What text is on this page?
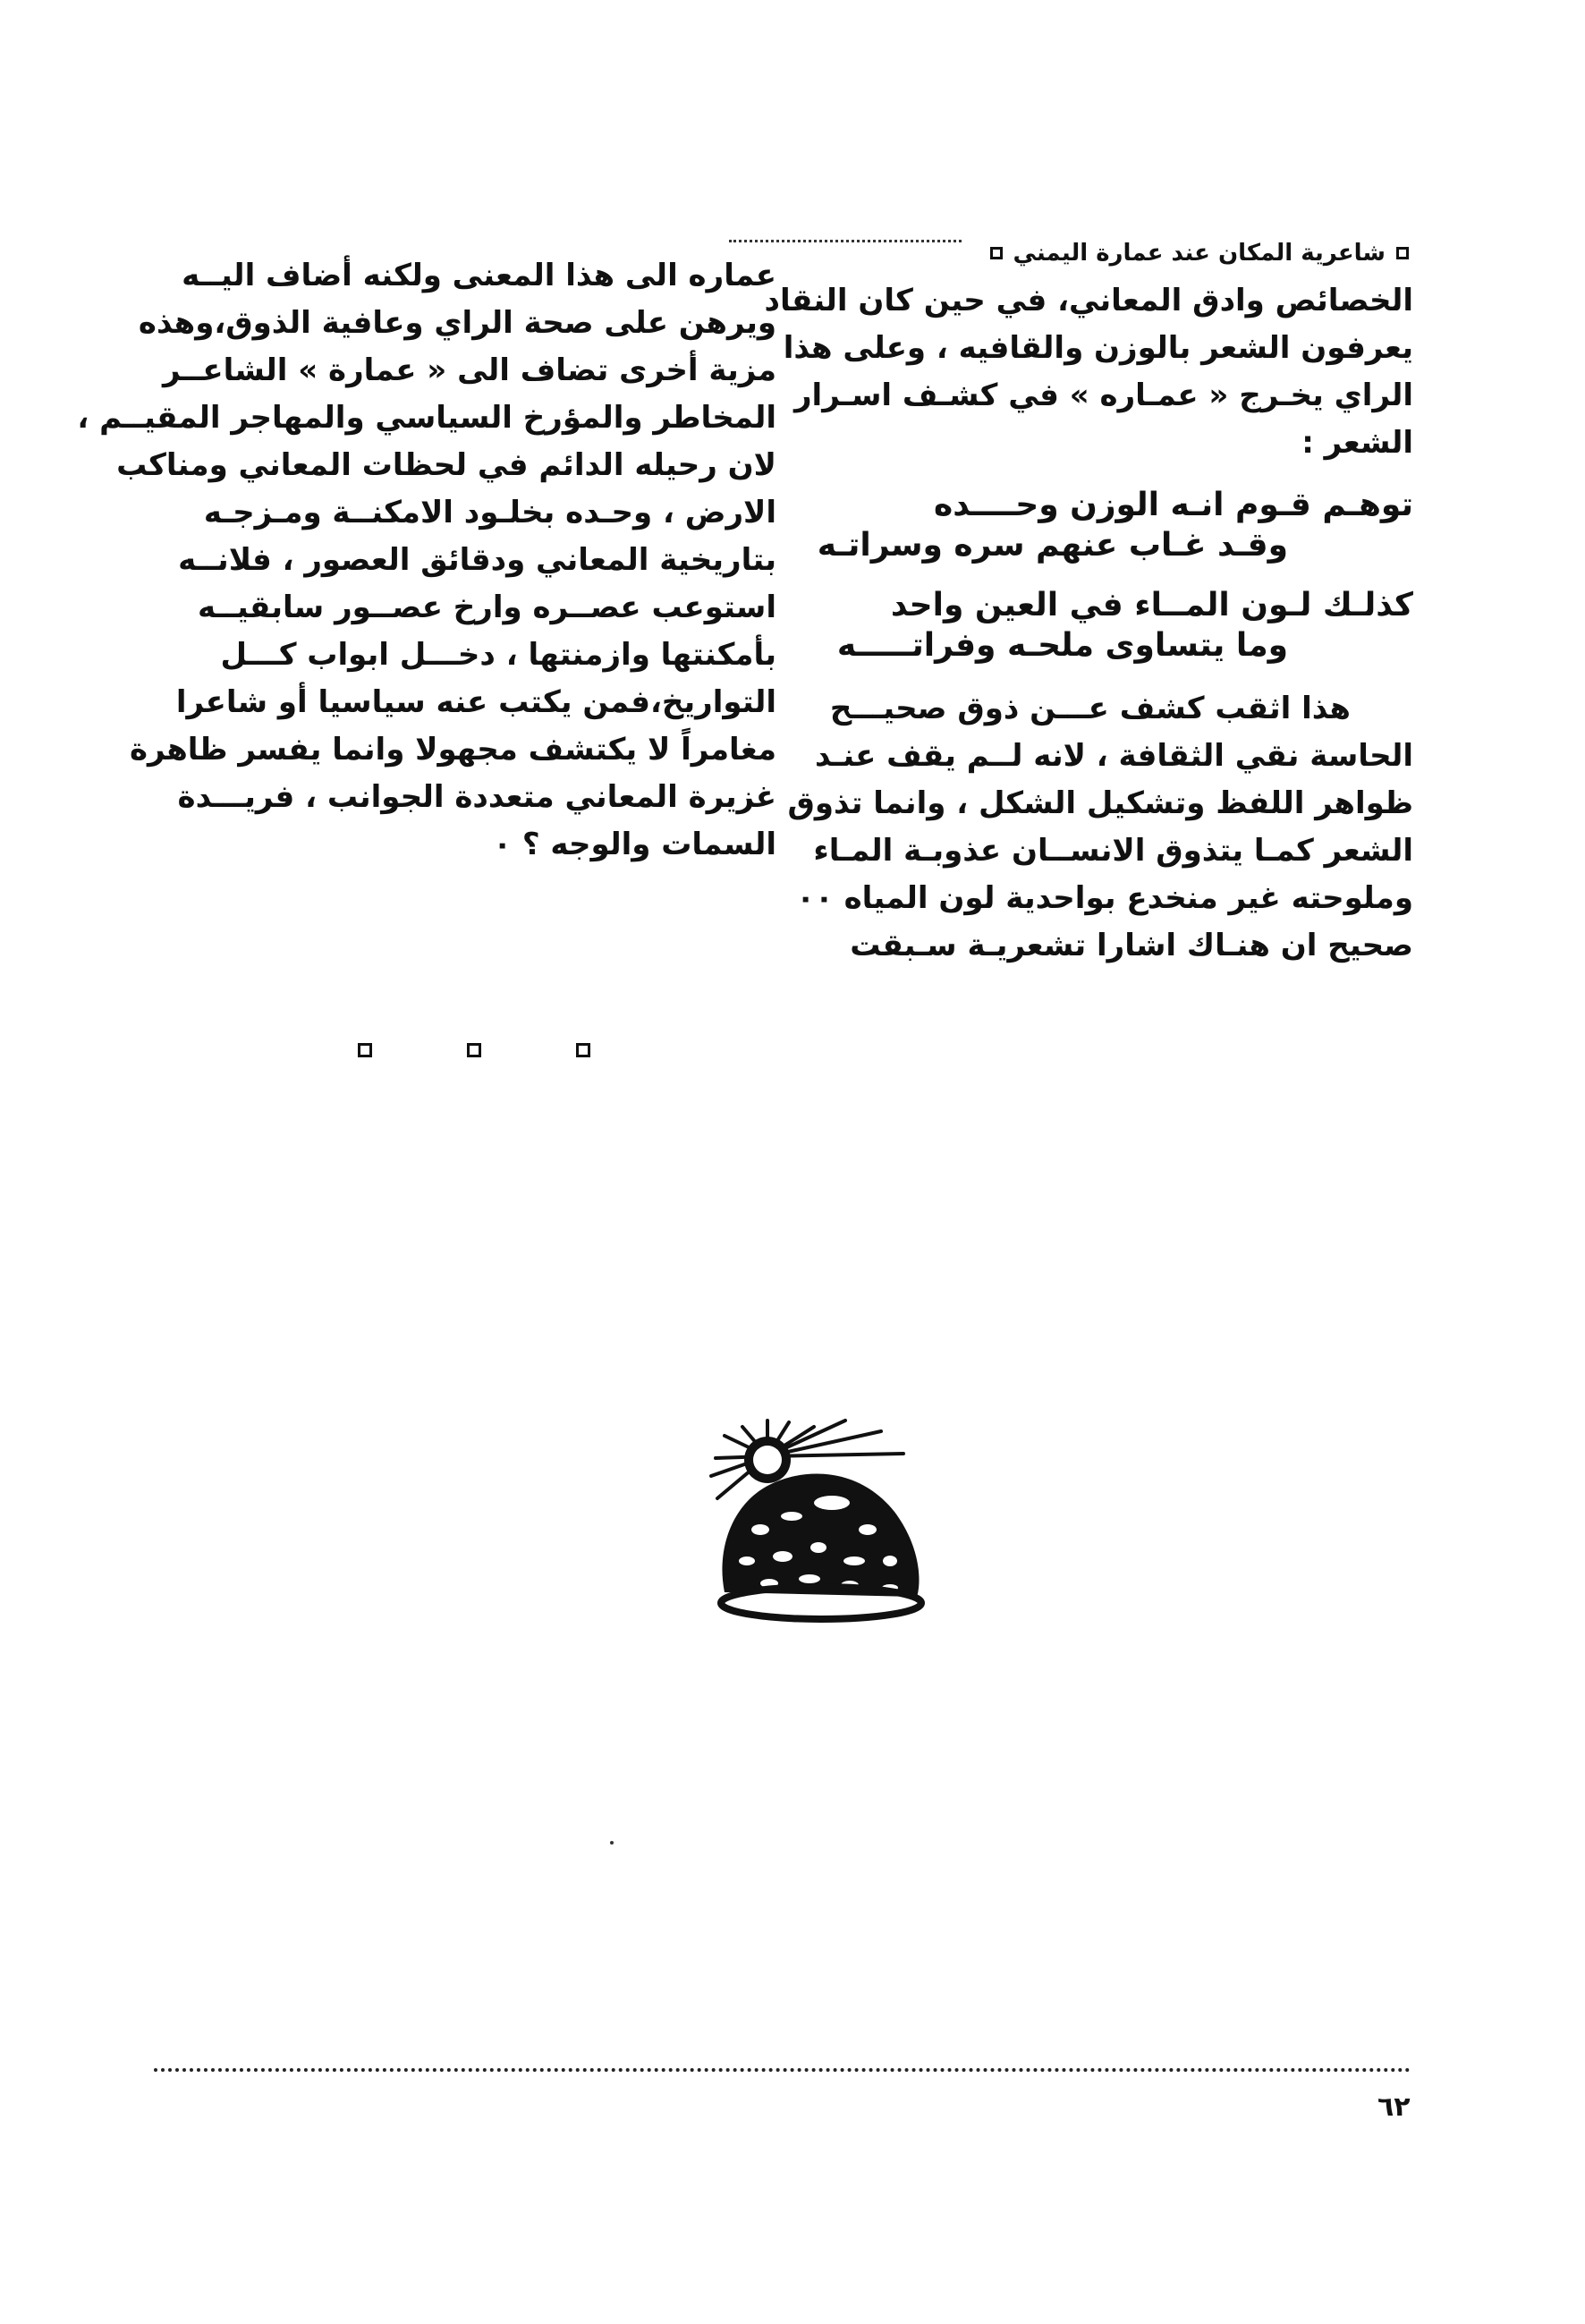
شاعرية المكان عند عمارة اليمني
الخصائص وادق المعاني، في حين كان النقاد
يعرفون الشعر بالوزن والقافيه ، وعلى هذا
الراي يخـرج « عمـاره » في كشـف اسـرار
الشعر :
توهـم قـوم انـه الوزن وحــــده
وقـد غـاب عنهم سره وسراتـه
كذلـك لـون المــاء في العين واحد
وما يتساوى ملحـه وفراتـــــه
هذا اثقب كشف عـــن ذوق صحيـــح
الحاسة نقي الثقافة ، لانه لــم يقف عنـد
ظواهر اللفظ وتشكيل الشكل ، وانما تذوق
الشعر كمـا يتذوق الانســان عذوبـة المـاء
وملوحته غير منخدع بواحدية لون المياه ٠٠
صحيح ان هنـاك اشارا تشعريـة سـبقت
عماره الى هذا المعنى ولكنه أضاف اليــه
ويرهن على صحة الراي وعافية الذوق،وهذه
مزية أخرى تضاف الى « عمارة » الشاعــر
المخاطر والمؤرخ السياسي والمهاجر المقيــم ،
لان رحيله الدائم في لحظات المعاني ومناكب
الارض ، وحـده بخلـود الامكنــة ومـزجـه
بتاريخية المعاني ودقائق العصور ، فلانــه
استوعب عصــره وارخ عصــور سابقيــه
بأمكنتها وازمنتها ، دخـــل ابواب كـــل
التواريخ،فمن يكتب عنه سياسيا أو شاعرا
مغامراً لا يكتشف مجهولا وانما يفسر ظاهرة
غزيرة المعاني متعددة الجوانب ، فريـــدة
السمات والوجه ؟ ٠
٦٢
